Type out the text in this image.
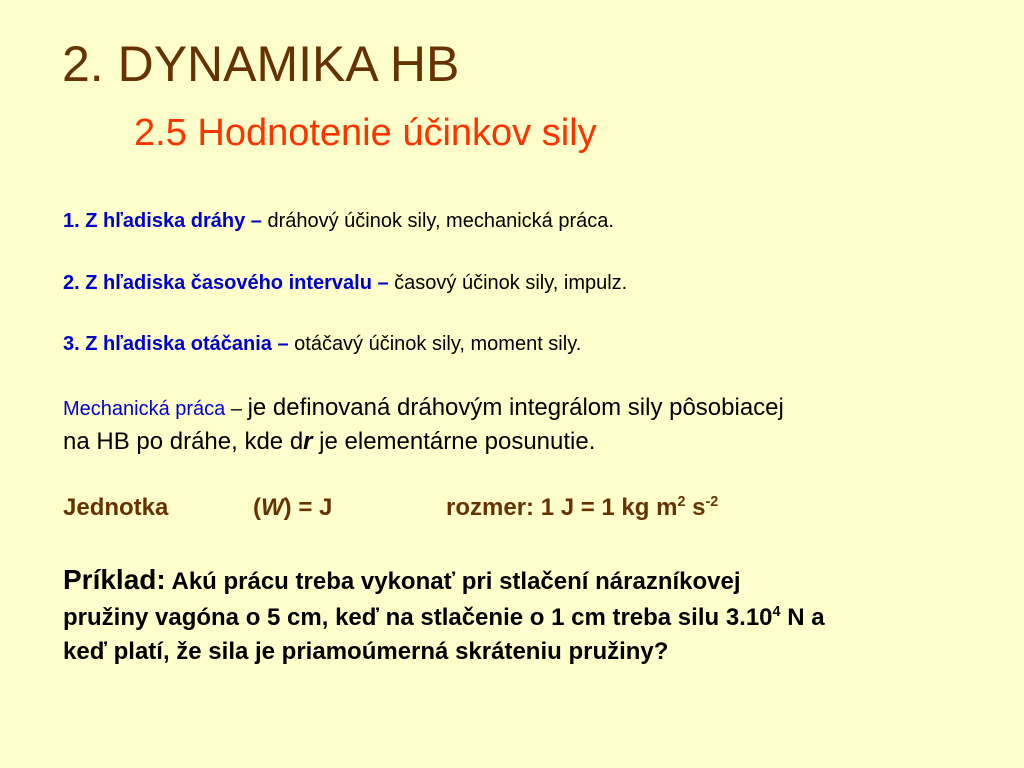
2. DYNAMIKA HB
2.5 Hodnotenie účinkov sily
1. Z hľadiska dráhy – dráhový účinok sily, mechanická práca.
2. Z hľadiska časového intervalu – časový účinok sily, impulz.
3. Z hľadiska otáčania – otáčavý účinok sily, moment sily.
Mechanická práca – je definovaná dráhovým integrálom sily pôsobiacej
na HB po dráhe, kde dr je elementárne posunutie.
Jednotka	(W) = J	rozmer: 1 J = 1 kg $m^2$ $s^{-2}$
Príklad: Akú prácu treba vykonať pri stlačení nárazníkovej
pružiny vagóna o 5 cm, keď na stlačenie o 1 cm treba silu 3.10$^4$ N a
keď platí, že sila je priamoúmerná skráteniu pružiny?
